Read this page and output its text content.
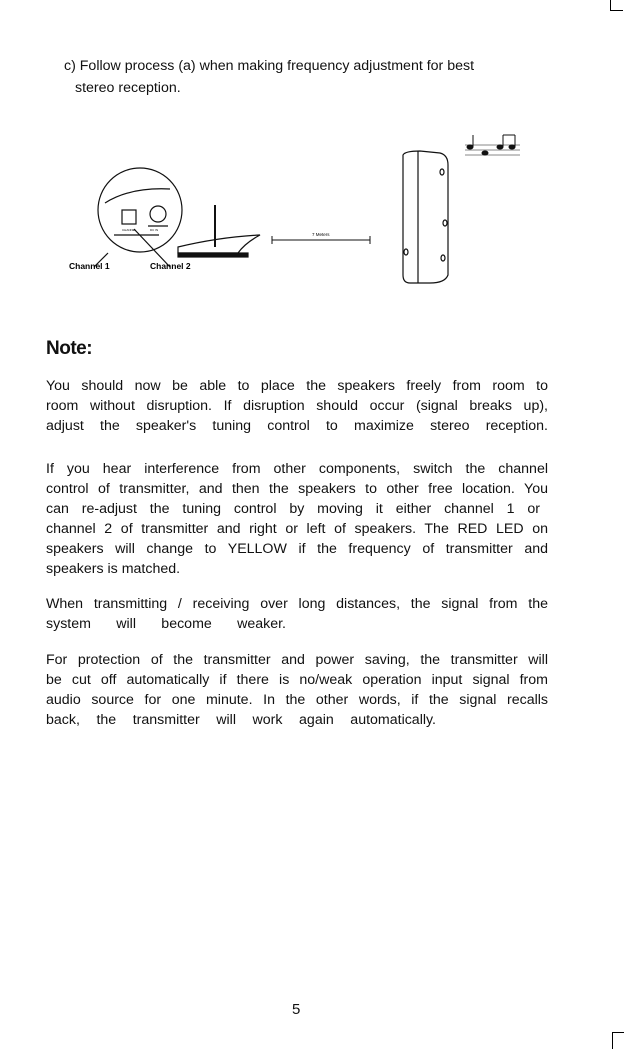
c) Follow process (a) when making frequency adjustment for best
stereo reception.
CHANNEL	DC IN
Channel 1	Channel 2
7 Meters
Note:
You should now be able to place the speakers freely from room to
room without disruption. If disruption should occur (signal breaks up),
adjust the speaker's tuning control to maximize stereo reception.
If you hear interference from other components, switch the channel
control of transmitter, and then the speakers to other free location. You
can re-adjust the tuning control by moving it either channel 1 or
channel 2 of transmitter and right or left of speakers. The RED LED on
speakers will change to YELLOW if the frequency of transmitter and
speakers is matched.
When transmitting / receiving over long distances, the signal from the
system will become weaker.
For protection of the transmitter and power saving, the transmitter will
be cut off automatically if there is no/weak operation input signal from
audio source for one minute. In the other words, if the signal recalls
back, the transmitter will work again automatically.
5
